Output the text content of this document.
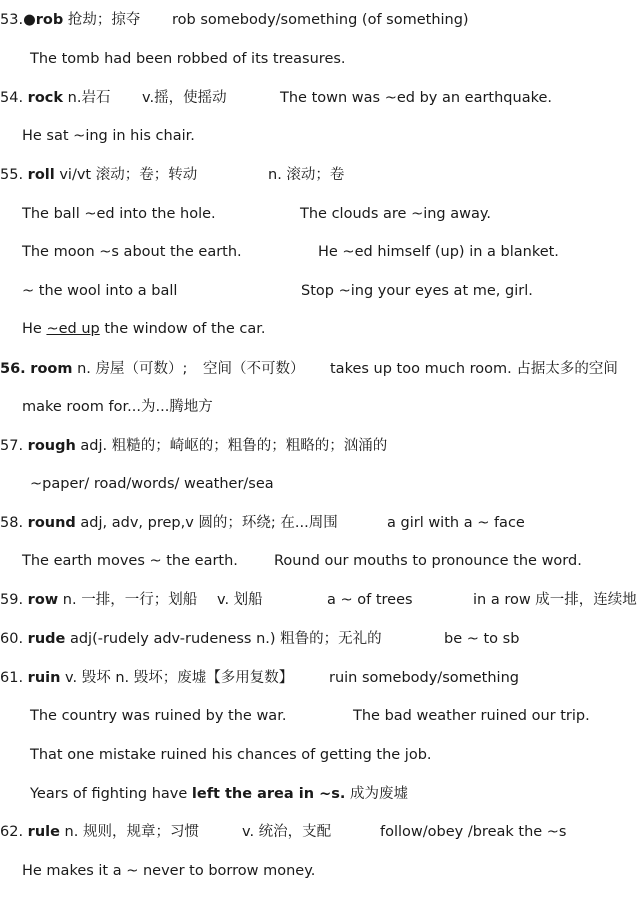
53.●rob 抢劫；掠夺 rob somebody/something (of something)
The tomb had been robbed of its treasures.
54. rock n.岩石 v.摇，使摇动	The town was ~ed by an earthquake.
He sat ~ing in his chair.
55. roll vi/vt 滚动；卷；转动	n. 滚动；卷
The ball ~ed into the hole.	The clouds are ~ing away.
The moon ~s about the earth.	He ~ed himself (up) in a blanket.
~ the wool into a ball	Stop ~ing your eyes at me, girl.
He ~ed up the window of the car.
56. room n. 房屋（可数）; 空间（不可数） takes up too much room. 占据太多的空间
make room for...为...腾地方
57. rough adj. 粗糙的；崎岖的；粗鲁的；粗略的；汹涌的
~paper/ road/words/ weather/sea
58. round adj, adv, prep,v 圆的；环绕; 在...周围	a girl with a ~ face
The earth moves ~ the earth. Round our mouths to pronounce the word.
59. row n. 一排，一行；划船 v. 划船	a ~ of trees	in a row 成一排，连续地
60. rude adj(-rudely adv-rudeness n.) 粗鲁的；无礼的	be ~ to sb
61. ruin v. 毁坏 n. 毁坏；废墟【多用复数】 ruin somebody/something
The country was ruined by the war.	The bad weather ruined our trip.
That one mistake ruined his chances of getting the job.
Years of fighting have left the area in ~s. 成为废墟
62. rule n. 规则，规章；习惯	v. 统治，支配	follow/obey /break the ~s
He makes it a ~ never to borrow money.
